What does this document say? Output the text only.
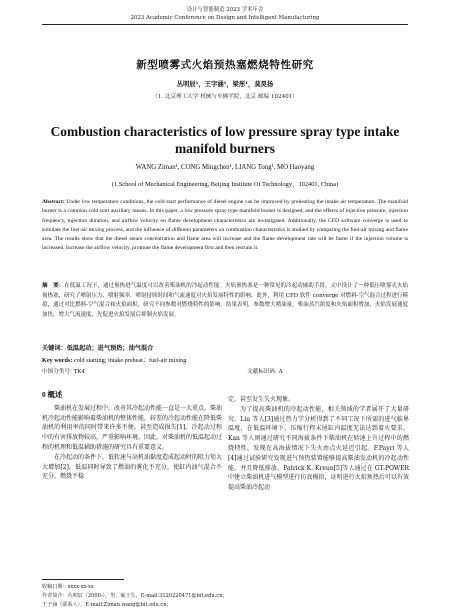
设计与智能制造 2023 学术年会
2023 Academic Conference on Design and Intelligent Manufacturing
新型喷雾式火焰预热塞燃烧特性研究
丛明辰¹，王字涵¹，梁彤¹，莫昊扬
（1. 北京理工大学 机械与车辆学院，北京 邮编 102401）
Combustion characteristics of low pressure spray type intake manifold burners
WANG Ziman¹, CONG Mingchen¹, LIANG Tong¹, MO Haoyang
(1.School of Mechanical Engineering, Beijing Institute Of Technology，102401, China)
Abstract: Under low temperature conditions, the cold start performance of diesel engine can be improved by preheating the intake air temperature. The manifold burner is a common cold start auxiliary means. In this paper, a low pressure spray type manifold burner is designed, and the effects of injection pressure, injection frequency, injection duration, and airflow velocity on flame development characteristics are investigated. Additionally, the CFD software converge is used to simulate the fuel-air mixing process, and the influence of different parameters on combustion characteristics is studied by comparing the fuel-air mixing and flame area. The results show that the diesel steam concentration and flame area will increase and the flame development rate will be faster if the injection volume is increased. Increase the airflow velocity, promote the flame development first and then restrain it.
摘　要：在低温工况下，通过预热进气温度可以改善柴油机的冷起动性能。火焰预热塞是一种常见的冷起动辅助手段。文中设计了一种低压喷雾式火焰预热塞，研究了喷射压力、喷射频率、喷射持续时间和气流速度对火焰发展特性的影响。此外，利用 CFD 软件 converge 对燃料-空气混合过程进行模拟，通过对比燃料-空气混合和火焰面积，研究不同参数对燃烧特性的影响。结果表明，参数增大喷油量，柴油蒸汽浓度和火焰面积增加，火焰发展速度加快，增大气流速度，先促进火焰发展后抑制火焰发展。
关键词：低温起动；进气预热；油气混合
Key words: cold starting; intake preheat；fuel-air mixing
中图分类号: TK4	文献标识码: A
0 概述

柴油机在发展过程中，改善其冷起动性能一直是一大重点。柴油机冷起动性能影响着柴油机的整体性能，较差的冷起动性能在降低柴油机的利用率的同时带来许多不便。甚至造成损失[1]。冷起动过程中的有害排放物较高，严重影响环境。因此，对柴油机的低温起动过程的机理和低温辅助措施的研究具有重要意义。

在冷起动的条件下，低转速与高机油黏度造成起动时的阻力矩大大增加[2]，低温同时导致了燃油的雾化不充分，使缸内油气混合不充分，燃烧不稳

定，甚至发生失火现象。

为了提高柴油机的冷起动性能，相关领域的学者展开了大量研究。Liu 等人[3]通过热力学分析得到了不同工况下所需的进气临界温度，在低温环境下，压缩行程末尾缸内温度无法达到着火要求。Kan 等人则通过研究不同海拔条件下柴油机在转速上升过程中的燃烧特性，发现在高海拔情况下失火由点火延迟引起。F.Payri 等人[4]通过试验研究发现进气预热装置能够提高柴油发动机的冷起动性能，并且降低排放。Patrick K. Kreun[5]等人通过在 GT-POWER 中建立柴油机进气模型进行仿真模拟，证明进行火焰预热后可以有效提高柴油冷起动

收稿日期：xxxx-xx-xx
作者简介：丛明辰（2000-），男，硕士生，E-mail:3120220471@bit.edu.cn；
王子涵（联系人），E-mail:Ziman.wang@bit.edu.cn；
